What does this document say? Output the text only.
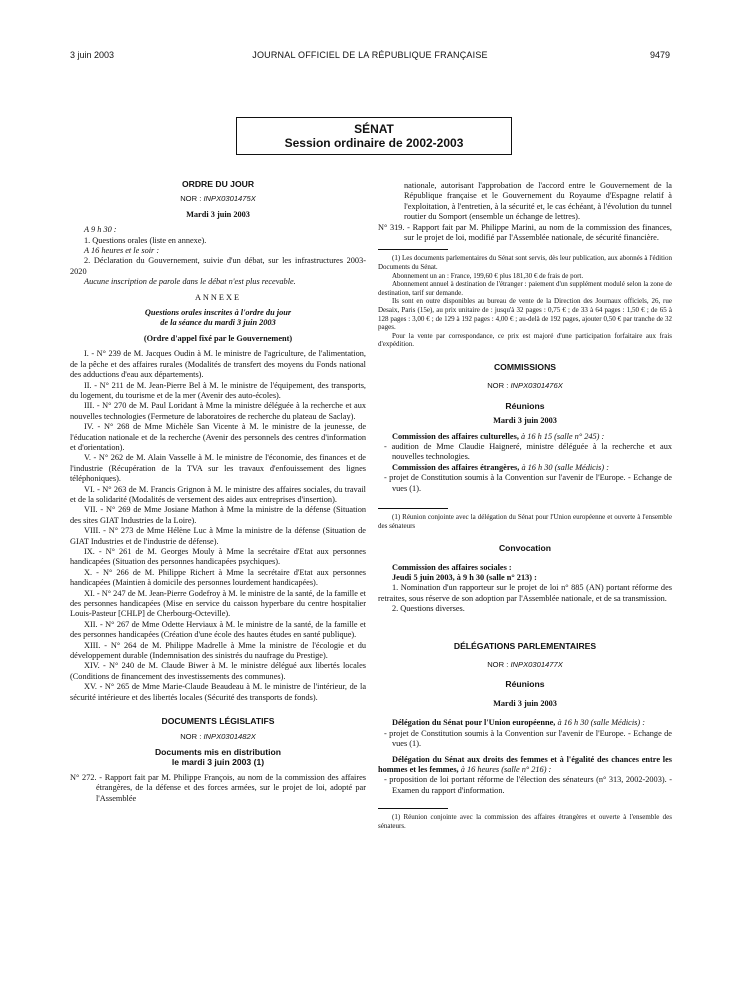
3 juin 2003	JOURNAL OFFICIEL DE LA RÉPUBLIQUE FRANÇAISE	9479
SÉNAT
Session ordinaire de 2002-2003
ORDRE DU JOUR
NOR : INPX0301475X
Mardi 3 juin 2003

A 9 h 30 :

1. Questions orales (liste en annexe).

A 16 heures et le soir :

2. Déclaration du Gouvernement, suivie d'un débat, sur les infrastructures 2003-2020

Aucune inscription de parole dans le débat n'est plus recevable.

ANNEXE
Questions orales inscrites à l'ordre du jour
de la séance du mardi 3 juin 2003
(Ordre d'appel fixé par le Gouvernement)

I. - N° 239 de M. Jacques Oudin à M. le ministre de l'agriculture, de l'alimentation, de la pêche et des affaires rurales (Modalités de transfert des moyens du Fonds national des adductions d'eau aux départements).

II. - N° 211 de M. Jean-Pierre Bel à M. le ministre de l'équipement, des transports, du logement, du tourisme et de la mer (Avenir des auto-écoles).

III. - N° 270 de M. Paul Loridant à Mme la ministre déléguée à la recherche et aux nouvelles technologies (Fermeture de laboratoires de recherche du plateau de Saclay).

IV. - N° 268 de Mme Michèle San Vicente à M. le ministre de la jeunesse, de l'éducation nationale et de la recherche (Avenir des personnels des centres d'information et d'orientation).

V. - N° 262 de M. Alain Vasselle à M. le ministre de l'économie, des finances et de l'industrie (Récupération de la TVA sur les travaux d'enfouissement des lignes téléphoniques).

VI. - N° 263 de M. Francis Grignon à M. le ministre des affaires sociales, du travail et de la solidarité (Modalités de versement des aides aux entreprises d'insertion).

VII. - N° 269 de Mme Josiane Mathon à Mme la ministre de la défense (Situation des sites GIAT Industries de la Loire).

VIII. - N° 273 de Mme Hélène Luc à Mme la ministre de la défense (Situation de GIAT Industries et de l'industrie de défense).

IX. - N° 261 de M. Georges Mouly à Mme la secrétaire d'Etat aux personnes handicapées (Situation des personnes handicapées psychiques).

X. - N° 266 de M. Philippe Richert à Mme la secrétaire d'Etat aux personnes handicapées (Maintien à domicile des personnes lourdement handicapées).

XI. - N° 247 de M. Jean-Pierre Godefroy à M. le ministre de la santé, de la famille et des personnes handicapées (Mise en service du caisson hyperbare du centre hospitalier Louis-Pasteur [CHLP] de Cherbourg-Octeville).

XII. - N° 267 de Mme Odette Herviaux à M. le ministre de la santé, de la famille et des personnes handicapées (Création d'une école des hautes études en santé publique).

XIII. - N° 264 de M. Philippe Madrelle à Mme la ministre de l'écologie et du développement durable (Indemnisation des sinistrés du naufrage du Prestige).

XIV. - N° 240 de M. Claude Biwer à M. le ministre délégué aux libertés locales (Conditions de financement des investissements des communes).

XV. - N° 265 de Mme Marie-Claude Beaudeau à M. le ministre de l'intérieur, de la sécurité intérieure et des libertés locales (Sécurité des transports de fonds).

DOCUMENTS LÉGISLATIFS
NOR : INPX0301482X
Documents mis en distribution
le mardi 3 juin 2003 (1)

N° 272. - Rapport fait par M. Philippe François, au nom de la commission des affaires étrangères, de la défense et des forces armées, sur le projet de loi, adopté par l'Assemblée

nationale, autorisant l'approbation de l'accord entre le Gouvernement de la République française et le Gouvernement du Royaume d'Espagne relatif à l'exploitation, à l'entretien, à la sécurité et, le cas échéant, à l'évolution du tunnel routier du Somport (ensemble un échange de lettres).

N° 319. - Rapport fait par M. Philippe Marini, au nom de la commission des finances, sur le projet de loi, modifié par l'Assemblée nationale, de sécurité financière.

(1) Les documents parlementaires du Sénat sont servis, dès leur publication, aux abonnés à l'édition Documents du Sénat.

Abonnement un an : France, 199,60 € plus 181,30 € de frais de port.

Abonnement annuel à destination de l'étranger : paiement d'un supplément modulé selon la zone de destination, tarif sur demande.

Ils sont en outre disponibles au bureau de vente de la Direction des Journaux officiels, 26, rue Desaix, Paris (15e), au prix unitaire de : jusqu'à 32 pages : 0,75 € ; de 33 à 64 pages : 1,50 € ; de 65 à 128 pages : 3,00 € ; de 129 à 192 pages : 4,00 € ; au-delà de 192 pages, ajouter 0,50 € par tranche de 32 pages.

Pour la vente par correspondance, ce prix est majoré d'une participation forfaitaire aux frais d'expédition.

COMMISSIONS
NOR : INPX0301476X
Réunions
Mardi 3 juin 2003

Commission des affaires culturelles, à 16 h 15 (salle n° 245) :

- audition de Mme Claudie Haigneré, ministre déléguée à la recherche et aux nouvelles technologies.

Commission des affaires étrangères, à 16 h 30 (salle Médicis) :

- projet de Constitution soumis à la Convention sur l'avenir de l'Europe. - Echange de vues (1).

(1) Réunion conjointe avec la délégation du Sénat pour l'Union européenne et ouverte à l'ensemble des sénateurs

Convocation

Commission des affaires sociales :

Jeudi 5 juin 2003, à 9 h 30 (salle n° 213) :

1. Nomination d'un rapporteur sur le projet de loi n° 885 (AN) portant réforme des retraites, sous réserve de son adoption par l'Assemblée nationale, et de sa transmission.

2. Questions diverses.

DÉLÉGATIONS PARLEMENTAIRES
NOR : INPX0301477X
Réunions
Mardi 3 juin 2003

Délégation du Sénat pour l'Union européenne, à 16 h 30 (salle Médicis) :

- projet de Constitution soumis à la Convention sur l'avenir de l'Europe. - Echange de vues (1).

Délégation du Sénat aux droits des femmes et à l'égalité des chances entre les hommes et les femmes, à 16 heures (salle n° 216) :

- proposition de loi portant réforme de l'élection des sénateurs (n° 313, 2002-2003). - Examen du rapport d'information.

(1) Réunion conjointe avec la commission des affaires étrangères et ouverte à l'ensemble des sénateurs.
